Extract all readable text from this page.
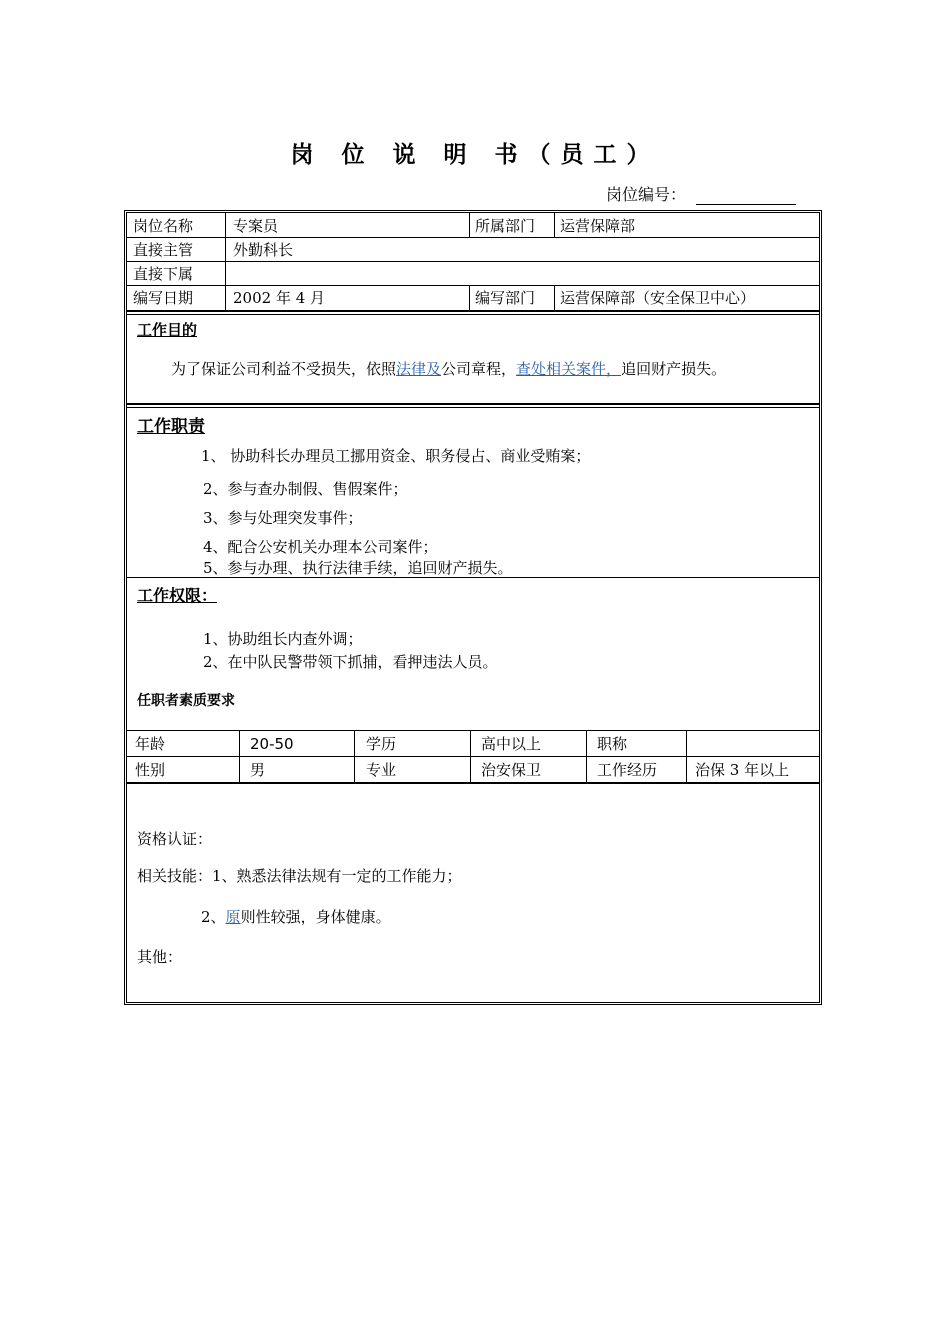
岗 位 说 明 书（员工）
岗位编号：
岗位名称	专案员	所属部门 运营保障部
直接主管	外勤科长
直接下属
编写日期	2002 年 4 月	编写部门 运营保障部（安全保卫中心）
工作目的
为了保证公司利益不受损失，依照法律及公司章程，查处相关案件，追回财产损失。
工作职责
1、 协助科长办理员工挪用资金、职务侵占、商业受贿案；
2、参与查办制假、售假案件；
3、参与处理突发事件；
4、配合公安机关办理本公司案件；
5、参与办理、执行法律手续，追回财产损失。
工作权限：
1、协助组长内查外调；
2、在中队民警带领下抓捕，看押违法人员。
任职者素质要求
年龄	20-50	学历	高中以上	职称
性别	男	专业	治安保卫	工作经历	治保 3 年以上
资格认证：
相关技能：1、熟悉法律法规有一定的工作能力；
2、原则性较强，身体健康。
其他：
